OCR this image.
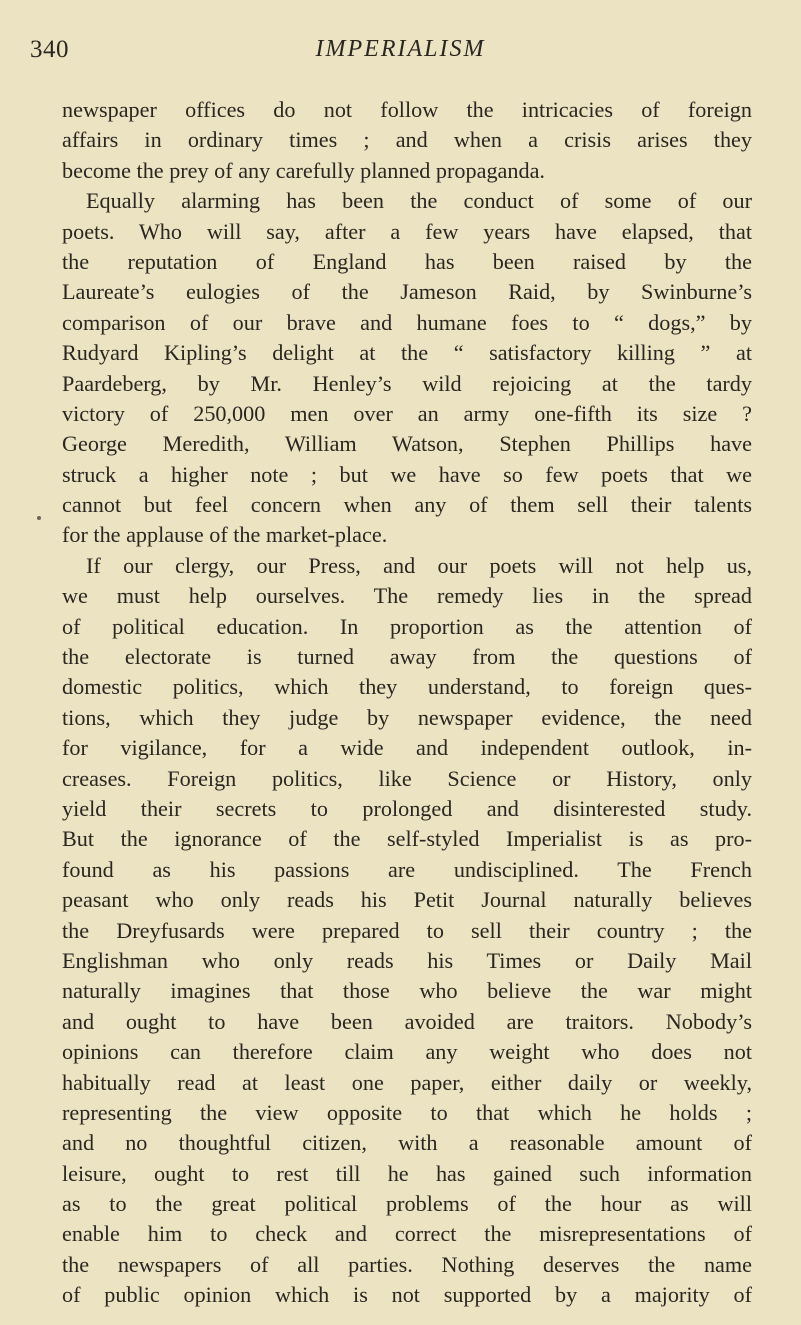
340	IMPERIALISM
newspaper offices do not follow the intricacies of foreign
affairs in ordinary times ; and when a crisis arises they
become the prey of any carefully planned propaganda.
Equally alarming has been the conduct of some of our
poets. Who will say, after a few years have elapsed, that
the reputation of England has been raised by the
Laureate’s eulogies of the Jameson Raid, by Swinburne’s
comparison of our brave and humane foes to “ dogs,” by
Rudyard Kipling’s delight at the “ satisfactory killing ” at
Paardeberg, by Mr. Henley’s wild rejoicing at the tardy
victory of 250,000 men over an army one-fifth its size ?
George Meredith, William Watson, Stephen Phillips have
struck a higher note ; but we have so few poets that we
cannot but feel concern when any of them sell their talents
for the applause of the market-place.
If our clergy, our Press, and our poets will not help us,
we must help ourselves. The remedy lies in the spread
of political education. In proportion as the attention of
the electorate is turned away from the questions of
domestic politics, which they understand, to foreign ques-
tions, which they judge by newspaper evidence, the need
for vigilance, for a wide and independent outlook, in-
creases. Foreign politics, like Science or History, only
yield their secrets to prolonged and disinterested study.
But the ignorance of the self-styled Imperialist is as pro-
found as his passions are undisciplined. The French
peasant who only reads his Petit Journal naturally believes
the Dreyfusards were prepared to sell their country ; the
Englishman who only reads his Times or Daily Mail
naturally imagines that those who believe the war might
and ought to have been avoided are traitors. Nobody’s
opinions can therefore claim any weight who does not
habitually read at least one paper, either daily or weekly,
representing the view opposite to that which he holds ;
and no thoughtful citizen, with a reasonable amount of
leisure, ought to rest till he has gained such information
as to the great political problems of the hour as will
enable him to check and correct the misrepresentations of
the newspapers of all parties. Nothing deserves the name
of public opinion which is not supported by a majority of
